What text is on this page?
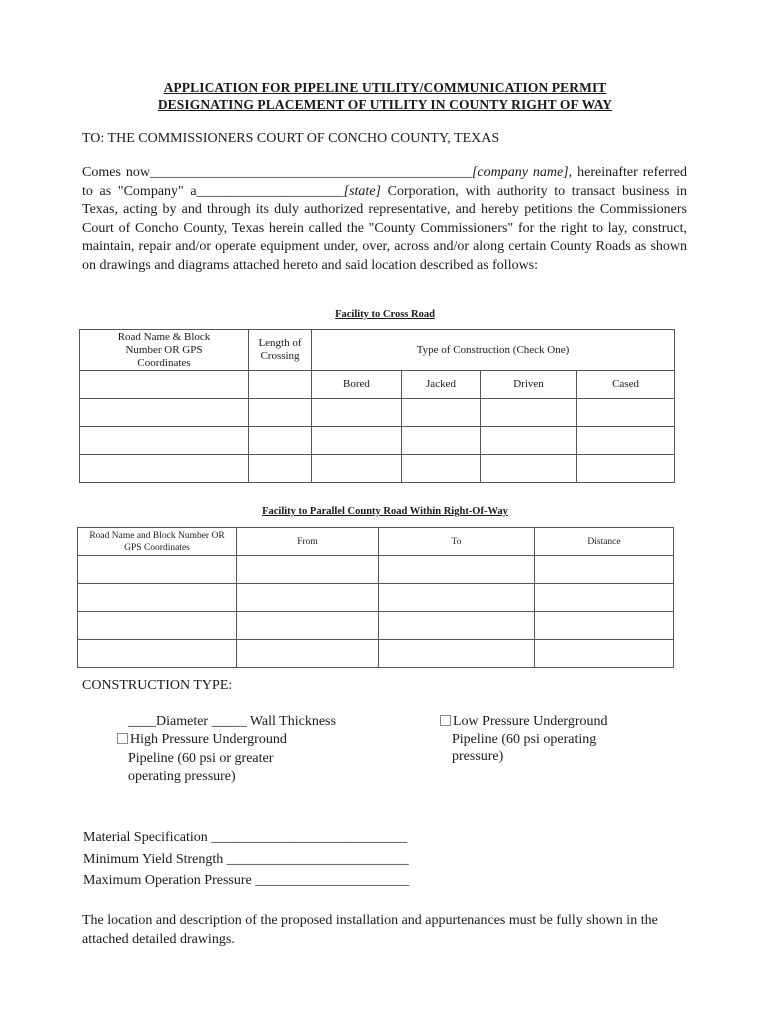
APPLICATION FOR PIPELINE UTILITY/COMMUNICATION PERMIT
DESIGNATING PLACEMENT OF UTILITY IN COUNTY RIGHT OF WAY
TO: THE COMMISSIONERS COURT OF CONCHO COUNTY, TEXAS
Comes now______________________________________________[company name], hereinafter referred to as "Company" a_____________________[state] Corporation, with authority to transact business in Texas, acting by and through its duly authorized representative, and hereby petitions the Commissioners Court of Concho County, Texas herein called the "County Commissioners" for the right to lay, construct, maintain, repair and/or operate equipment under, over, across and/or along certain County Roads as shown on drawings and diagrams attached hereto and said location described as follows:
Facility to Cross Road
Road Name & Block Number OR GPS Coordinates	Length of Crossing	Type of Construction (Check One)			
		Bored	Jacked	Driven	Cased

Facility to Parallel County Road Within Right-Of-Way
Road Name and Block Number OR GPS Coordinates	From	To	Distance

CONSTRUCTION TYPE:
____Diameter _____ Wall Thickness
High Pressure Underground
Pipeline (60 psi or greater
operating pressure)
Low Pressure Underground
Pipeline (60 psi operating
pressure)
Material Specification ____________________________
Minimum Yield Strength __________________________
Maximum Operation Pressure ______________________
The location and description of the proposed installation and appurtenances must be fully shown in the attached detailed drawings.
